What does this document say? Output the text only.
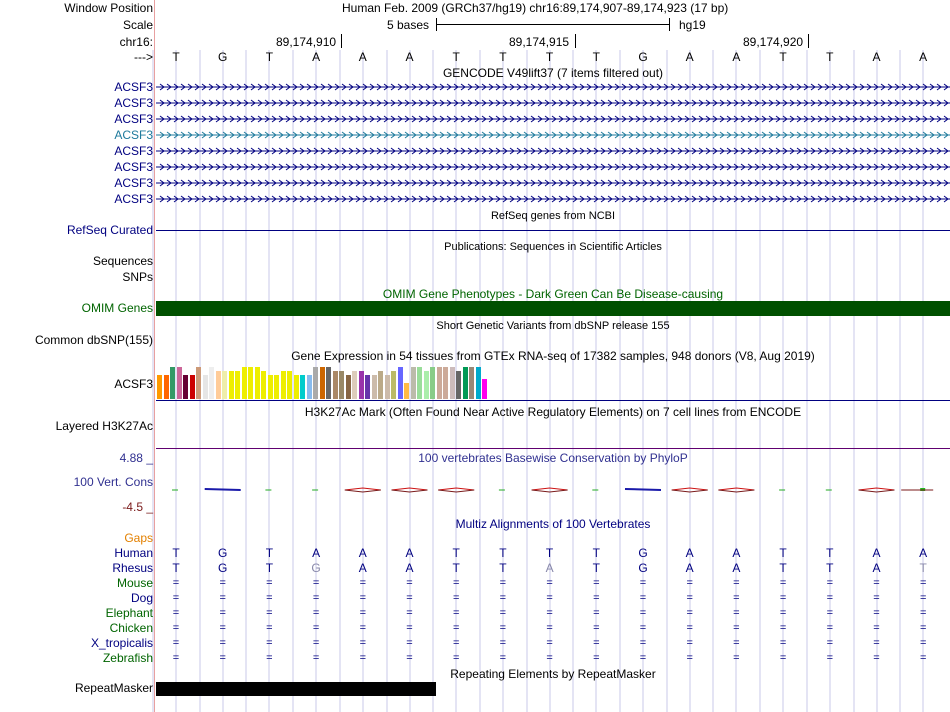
Window Position	Human Feb. 2009 (GRCh37/hg19) chr16:89,174,907-89,174,923 (17 bp)
Scale	5 bases	hg19
chr16:	89,174,910	89,174,915	89,174,920
--->	T	G	T	A	A	A	T	T	T	T	G	A	A	T	T	A	A
GENCODE V49lift37 (7 items filtered out)
ACSF3
ACSF3
ACSF3
ACSF3
ACSF3
ACSF3
ACSF3
ACSF3
RefSeq genes from NCBI
RefSeq Curated
Publications: Sequences in Scientific Articles
Sequences
SNPs
OMIM Gene Phenotypes - Dark Green Can Be Disease-causing
OMIM Genes
Short Genetic Variants from dbSNP release 155
Common dbSNP(155)
Gene Expression in 54 tissues from GTEx RNA-seq of 17382 samples, 948 donors (V8, Aug 2019)
ACSF3
H3K27Ac Mark (Often Found Near Active Regulatory Elements) on 7 cell lines from ENCODE
Layered H3K27Ac
100 vertebrates Basewise Conservation by PhyloP
4.88 _
100 Vert. Cons
-4.5 _
Multiz Alignments of 100 Vertebrates
Gaps
Human	T	G	T	A	A	A	T	T	T	T	G	A	A	T	T	A	A
Rhesus	T	G	T	G	A	A	T	T	A	T	G	A	A	T	T	A	T
Mouse	=	=	=	=	=	=	=	=	=	=	=	=	=	=	=	=	=
Dog	=	=	=	=	=	=	=	=	=	=	=	=	=	=	=	=	=
Elephant	=	=	=	=	=	=	=	=	=	=	=	=	=	=	=	=	=
Chicken	=	=	=	=	=	=	=	=	=	=	=	=	=	=	=	=	=
X_tropicalis	=	=	=	=	=	=	=	=	=	=	=	=	=	=	=	=	=
Zebrafish	=	=	=	=	=	=	=	=	=	=	=	=	=	=	=	=	=
Repeating Elements by RepeatMasker
RepeatMasker
